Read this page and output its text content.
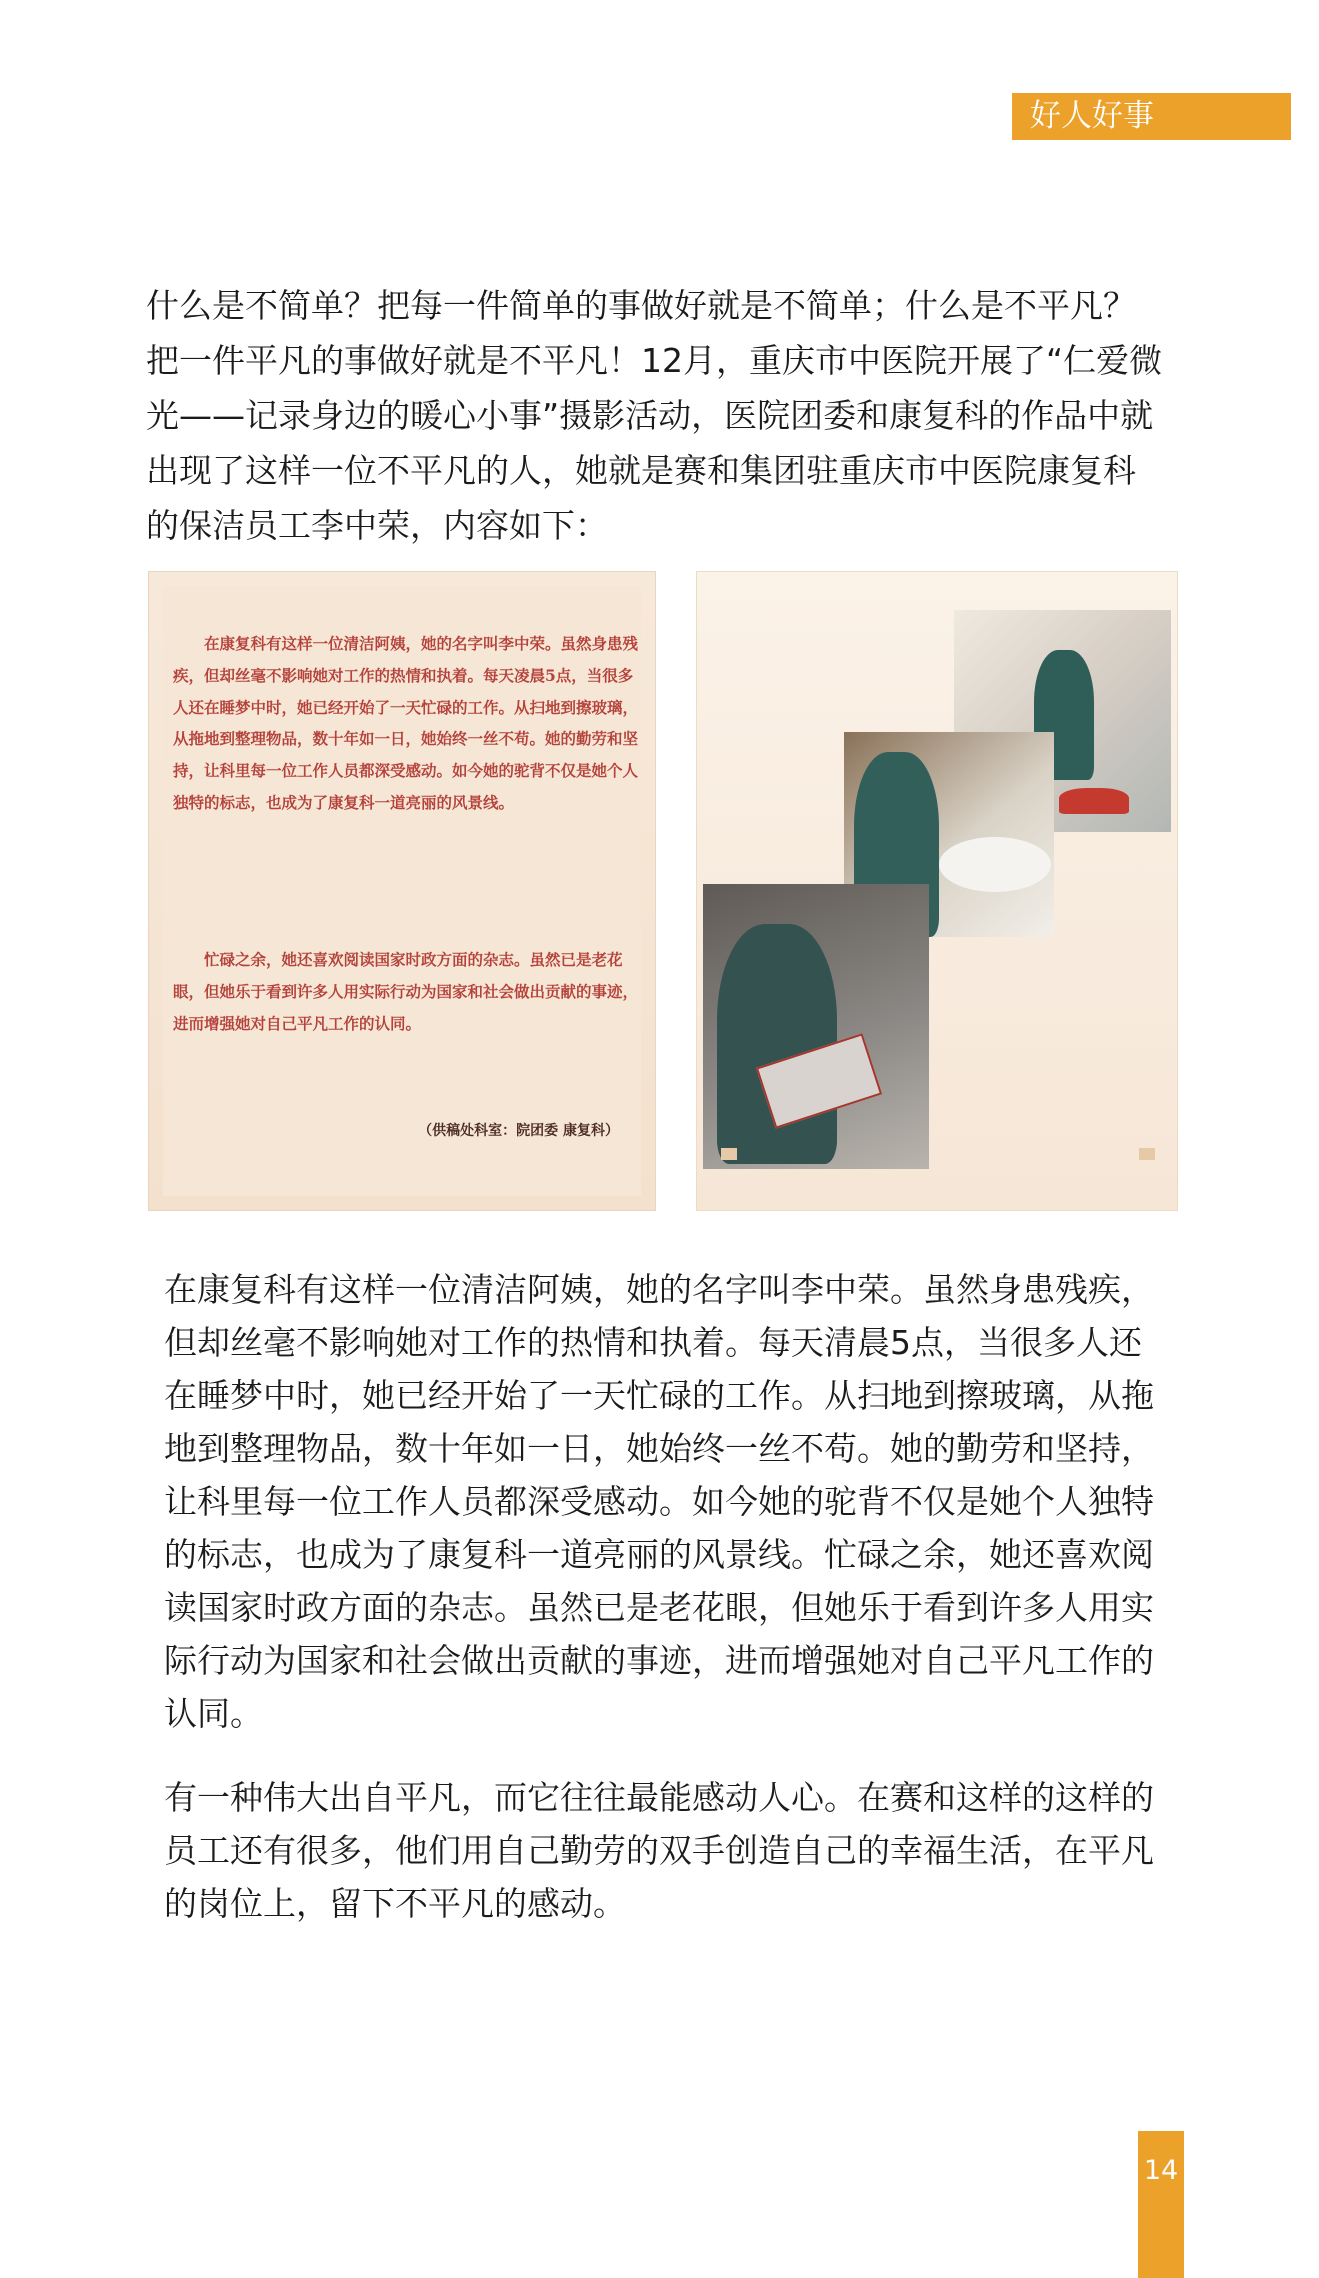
好人好事

什么是不简单？把每一件简单的事做好就是不简单；什么是不平凡？把一件平凡的事做好就是不平凡！12月，重庆市中医院开展了“仁爱微光——记录身边的暖心小事”摄影活动，医院团委和康复科的作品中就出现了这样一位不平凡的人，她就是赛和集团驻重庆市中医院康复科的保洁员工李中荣，内容如下：

在康复科有这样一位清洁阿姨，她的名字叫李中荣。虽然身患残疾，但却丝毫不影响她对工作的热情和执着。每天凌晨5点，当很多人还在睡梦中时，她已经开始了一天忙碌的工作。从扫地到擦玻璃，从拖地到整理物品，数十年如一日，她始终一丝不苟。她的勤劳和坚持，让科里每一位工作人员都深受感动。如今她的驼背不仅是她个人独特的标志，也成为了康复科一道亮丽的风景线。

忙碌之余，她还喜欢阅读国家时政方面的杂志。虽然已是老花眼，但她乐于看到许多人用实际行动为国家和社会做出贡献的事迹，进而增强她对自己平凡工作的认同。

（供稿处科室：院团委 康复科）

在康复科有这样一位清洁阿姨，她的名字叫李中荣。虽然身患残疾，但却丝毫不影响她对工作的热情和执着。每天清晨5点，当很多人还在睡梦中时，她已经开始了一天忙碌的工作。从扫地到擦玻璃，从拖地到整理物品，数十年如一日，她始终一丝不苟。她的勤劳和坚持，让科里每一位工作人员都深受感动。如今她的驼背不仅是她个人独特的标志，也成为了康复科一道亮丽的风景线。忙碌之余，她还喜欢阅读国家时政方面的杂志。虽然已是老花眼，但她乐于看到许多人用实际行动为国家和社会做出贡献的事迹，进而增强她对自己平凡工作的认同。

有一种伟大出自平凡，而它往往最能感动人心。在赛和这样的这样的员工还有很多，他们用自己勤劳的双手创造自己的幸福生活，在平凡的岗位上，留下不平凡的感动。

14
